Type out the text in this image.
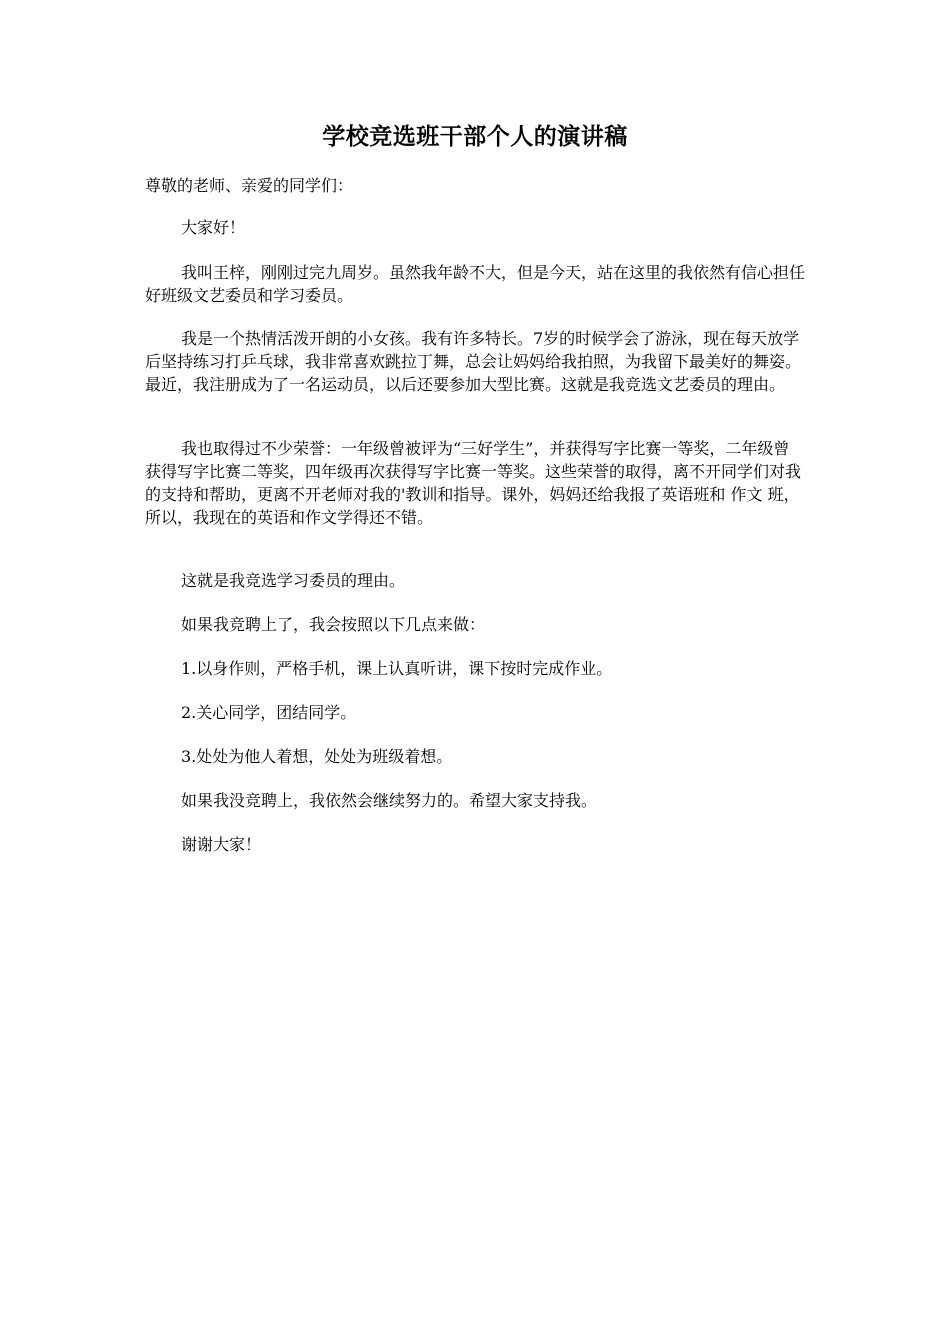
学校竞选班干部个人的演讲稿

尊敬的老师、亲爱的同学们：

大家好！

我叫王梓，刚刚过完九周岁。虽然我年龄不大，但是今天，站在这里的我依然有信心担任好班级文艺委员和学习委员。

我是一个热情活泼开朗的小女孩。我有许多特长。7岁的时候学会了游泳，现在每天放学后坚持练习打乒乓球，我非常喜欢跳拉丁舞，总会让妈妈给我拍照，为我留下最美好的舞姿。最近，我注册成为了一名运动员，以后还要参加大型比赛。这就是我竞选文艺委员的理由。

我也取得过不少荣誉：一年级曾被评为“三好学生”，并获得写字比赛一等奖，二年级曾获得写字比赛二等奖，四年级再次获得写字比赛一等奖。这些荣誉的取得，离不开同学们对我的支持和帮助，更离不开老师对我的'教训和指导。课外，妈妈还给我报了英语班和 作文 班，所以，我现在的英语和作文学得还不错。

这就是我竞选学习委员的理由。

如果我竞聘上了，我会按照以下几点来做：

1.以身作则，严格手机，课上认真听讲，课下按时完成作业。

2.关心同学，团结同学。

3.处处为他人着想，处处为班级着想。

如果我没竞聘上，我依然会继续努力的。希望大家支持我。

谢谢大家！
